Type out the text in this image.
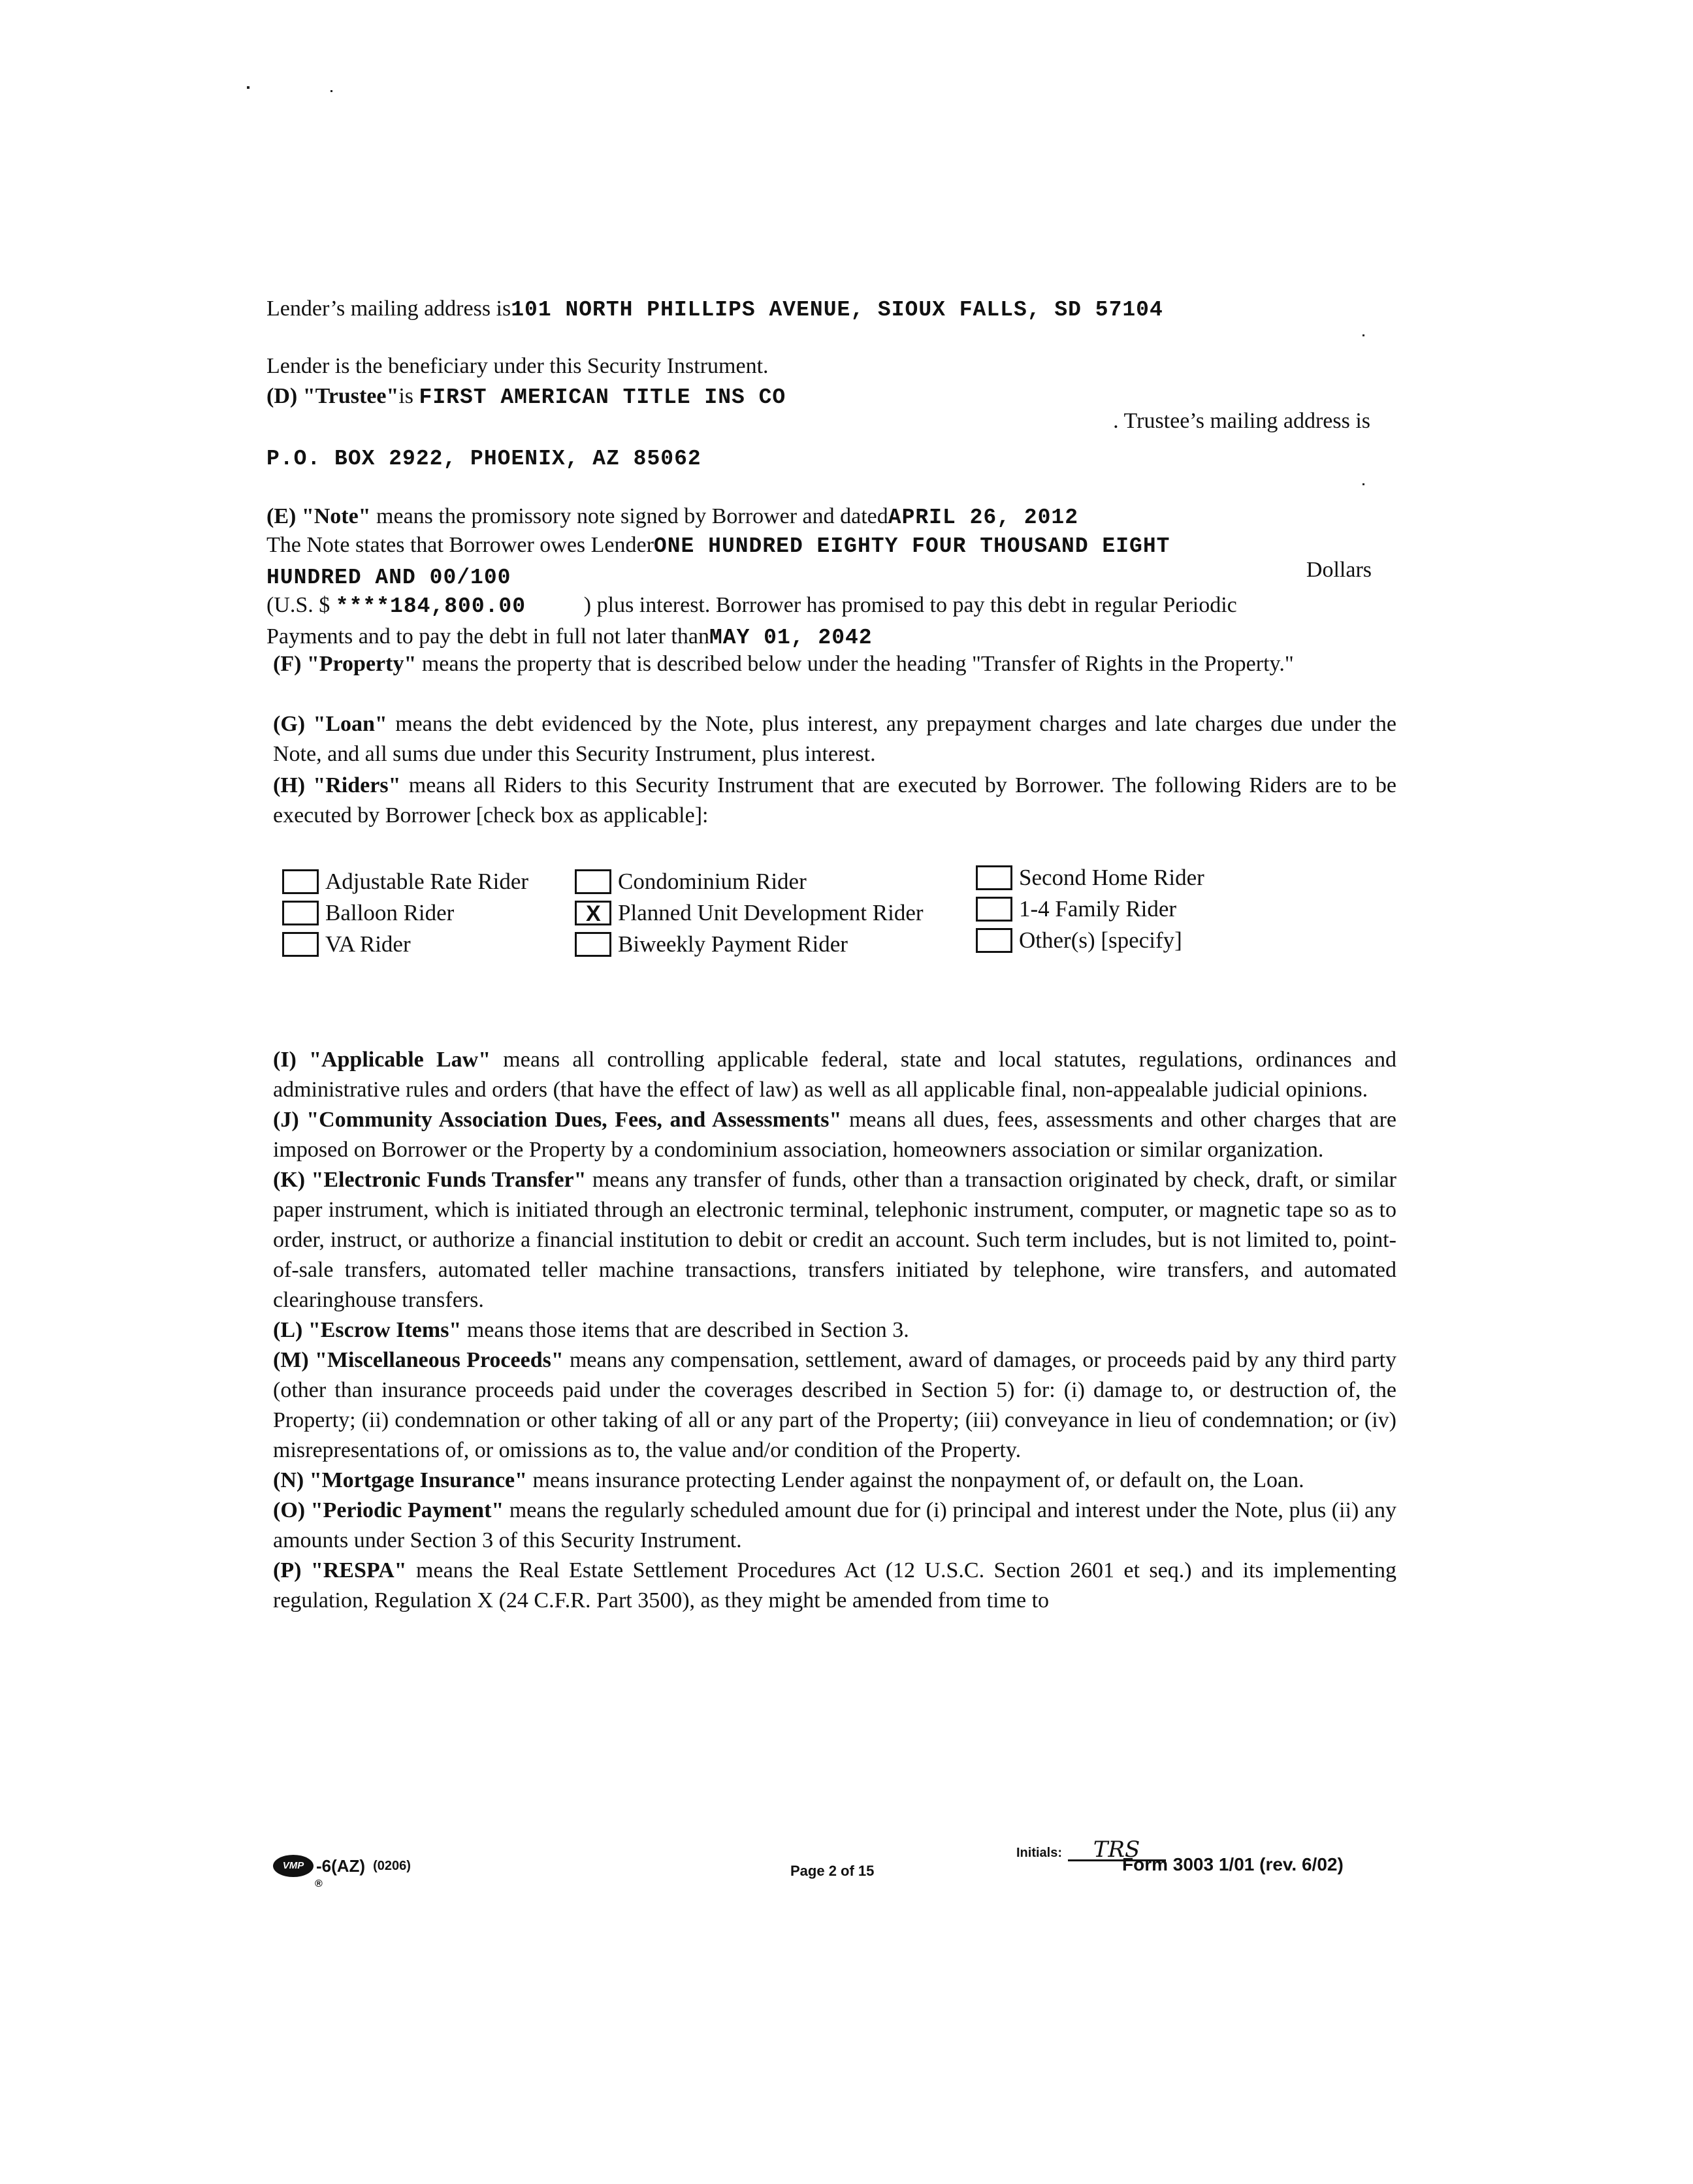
Lender’s mailing address is101 NORTH PHILLIPS AVENUE, SIOUX FALLS, SD 57104
Lender is the beneficiary under this Security Instrument.
(D) "Trustee"is FIRST AMERICAN TITLE INS CO
. Trustee’s mailing address is
P.O. BOX 2922, PHOENIX, AZ 85062
(E) "Note" means the promissory note signed by Borrower and datedAPRIL 26, 2012
The Note states that Borrower owes LenderONE HUNDRED EIGHTY FOUR THOUSAND EIGHT
HUNDRED AND 00/100	Dollars
(U.S. $ ****184,800.00	) plus interest. Borrower has promised to pay this debt in regular Periodic
Payments and to pay the debt in full not later thanMAY 01, 2042

(F) "Property" means the property that is described below under the heading "Transfer of Rights in the Property."

(G) "Loan" means the debt evidenced by the Note, plus interest, any prepayment charges and late charges due under the Note, and all sums due under this Security Instrument, plus interest.

(H) "Riders" means all Riders to this Security Instrument that are executed by Borrower. The following Riders are to be executed by Borrower [check box as applicable]:

Adjustable Rate Rider
Balloon Rider
VA Rider
Condominium Rider
X Planned Unit Development Rider
Biweekly Payment Rider
Second Home Rider
1-4 Family Rider
Other(s) [specify]

(I) "Applicable Law" means all controlling applicable federal, state and local statutes, regulations, ordinances and administrative rules and orders (that have the effect of law) as well as all applicable final, non-appealable judicial opinions.

(J) "Community Association Dues, Fees, and Assessments" means all dues, fees, assessments and other charges that are imposed on Borrower or the Property by a condominium association, homeowners association or similar organization.

(K) "Electronic Funds Transfer" means any transfer of funds, other than a transaction originated by check, draft, or similar paper instrument, which is initiated through an electronic terminal, telephonic instrument, computer, or magnetic tape so as to order, instruct, or authorize a financial institution to debit or credit an account. Such term includes, but is not limited to, point-of-sale transfers, automated teller machine transactions, transfers initiated by telephone, wire transfers, and automated clearinghouse transfers.

(L) "Escrow Items" means those items that are described in Section 3.

(M) "Miscellaneous Proceeds" means any compensation, settlement, award of damages, or proceeds paid by any third party (other than insurance proceeds paid under the coverages described in Section 5) for: (i) damage to, or destruction of, the Property; (ii) condemnation or other taking of all or any part of the Property; (iii) conveyance in lieu of condemnation; or (iv) misrepresentations of, or omissions as to, the value and/or condition of the Property.

(N) "Mortgage Insurance" means insurance protecting Lender against the nonpayment of, or default on, the Loan.

(O) "Periodic Payment" means the regularly scheduled amount due for (i) principal and interest under the Note, plus (ii) any amounts under Section 3 of this Security Instrument.

(P) "RESPA" means the Real Estate Settlement Procedures Act (12 U.S.C. Section 2601 et seq.) and its implementing regulation, Regulation X (24 C.F.R. Part 3500), as they might be amended from time to

VMP -6(AZ) (0206)
®
Page 2 of 15
Initials: TRS
Form 3003 1/01 (rev. 6/02)
